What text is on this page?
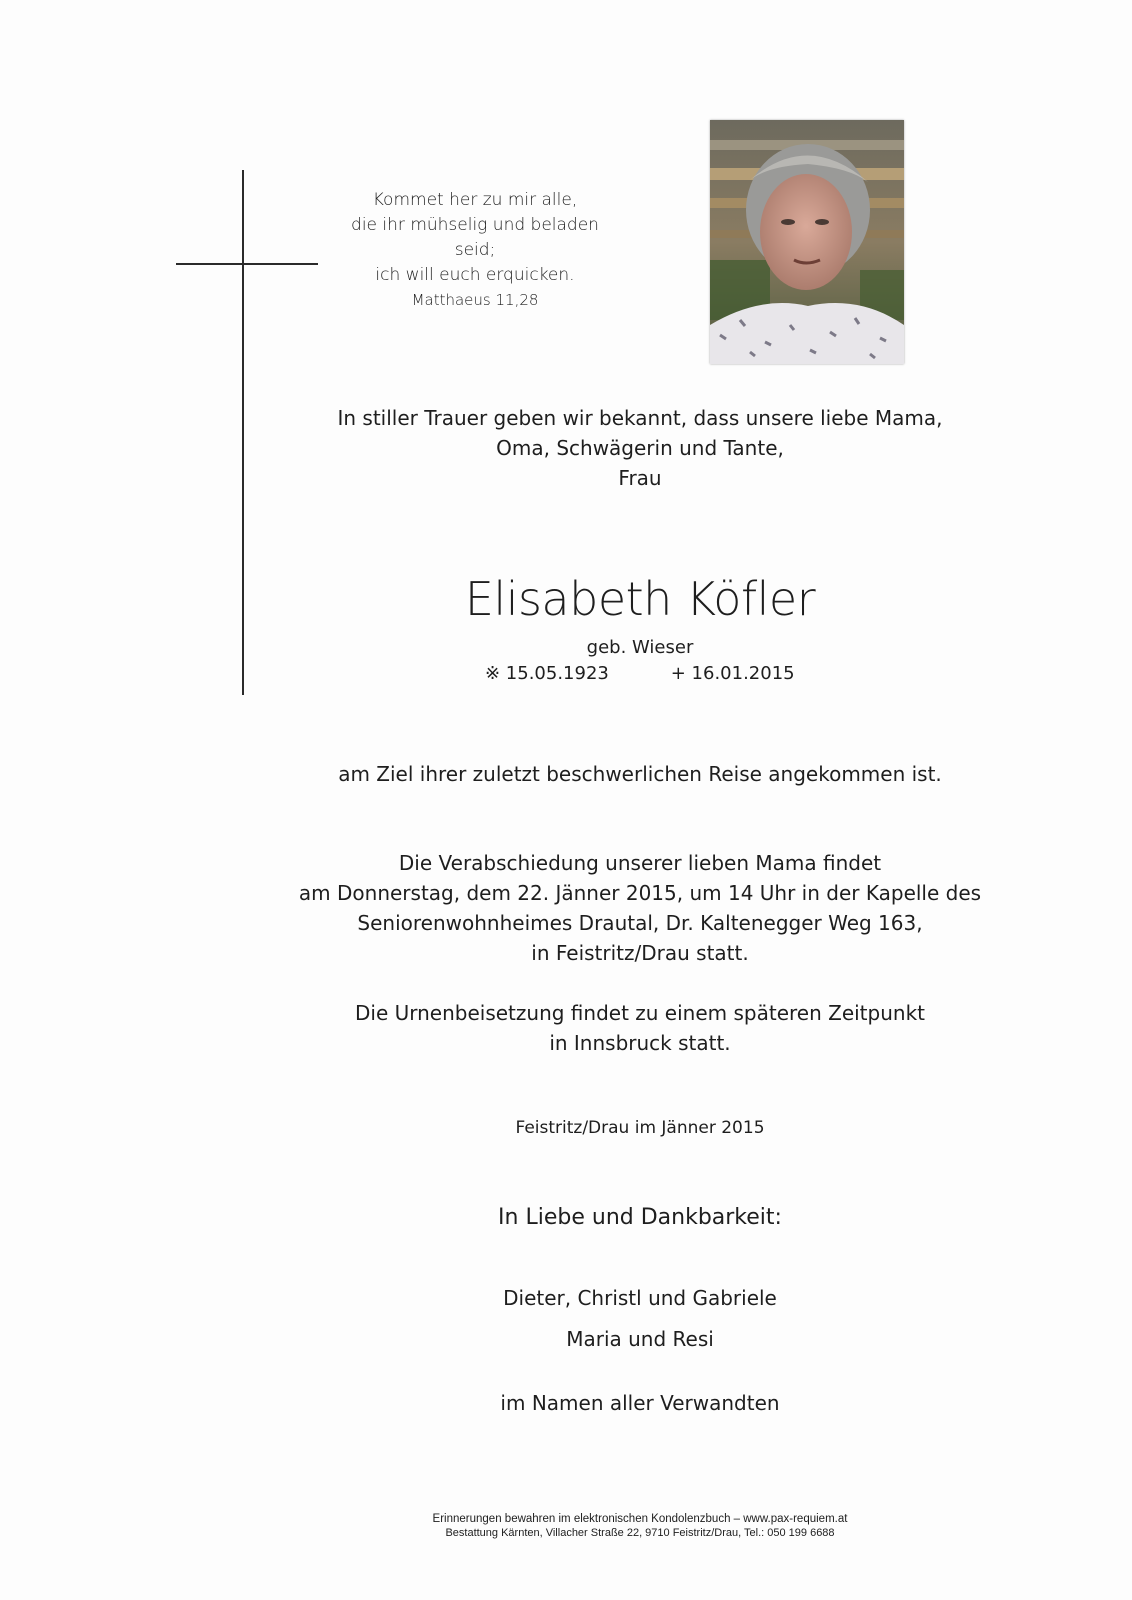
Kommet her zu mir alle,
die ihr mühselig und beladen seid;
ich will euch erquicken.
Matthaeus 11,28
In stiller Trauer geben wir bekannt, dass unsere liebe Mama,
Oma, Schwägerin und Tante,
Frau
Elisabeth Köfler
geb. Wieser
※ 15.05.1923	+ 16.01.2015
am Ziel ihrer zuletzt beschwerlichen Reise angekommen ist.
Die Verabschiedung unserer lieben Mama findet
am Donnerstag, dem 22. Jänner 2015, um 14 Uhr in der Kapelle des
Seniorenwohnheimes Drautal, Dr. Kaltenegger Weg 163,
in Feistritz/Drau statt.
Die Urnenbeisetzung findet zu einem späteren Zeitpunkt
in Innsbruck statt.
Feistritz/Drau im Jänner 2015
In Liebe und Dankbarkeit:
Dieter, Christl und Gabriele
Maria und Resi
im Namen aller Verwandten
Erinnerungen bewahren im elektronischen Kondolenzbuch – www.pax-requiem.at
Bestattung Kärnten, Villacher Straße 22, 9710 Feistritz/Drau, Tel.: 050 199 6688
